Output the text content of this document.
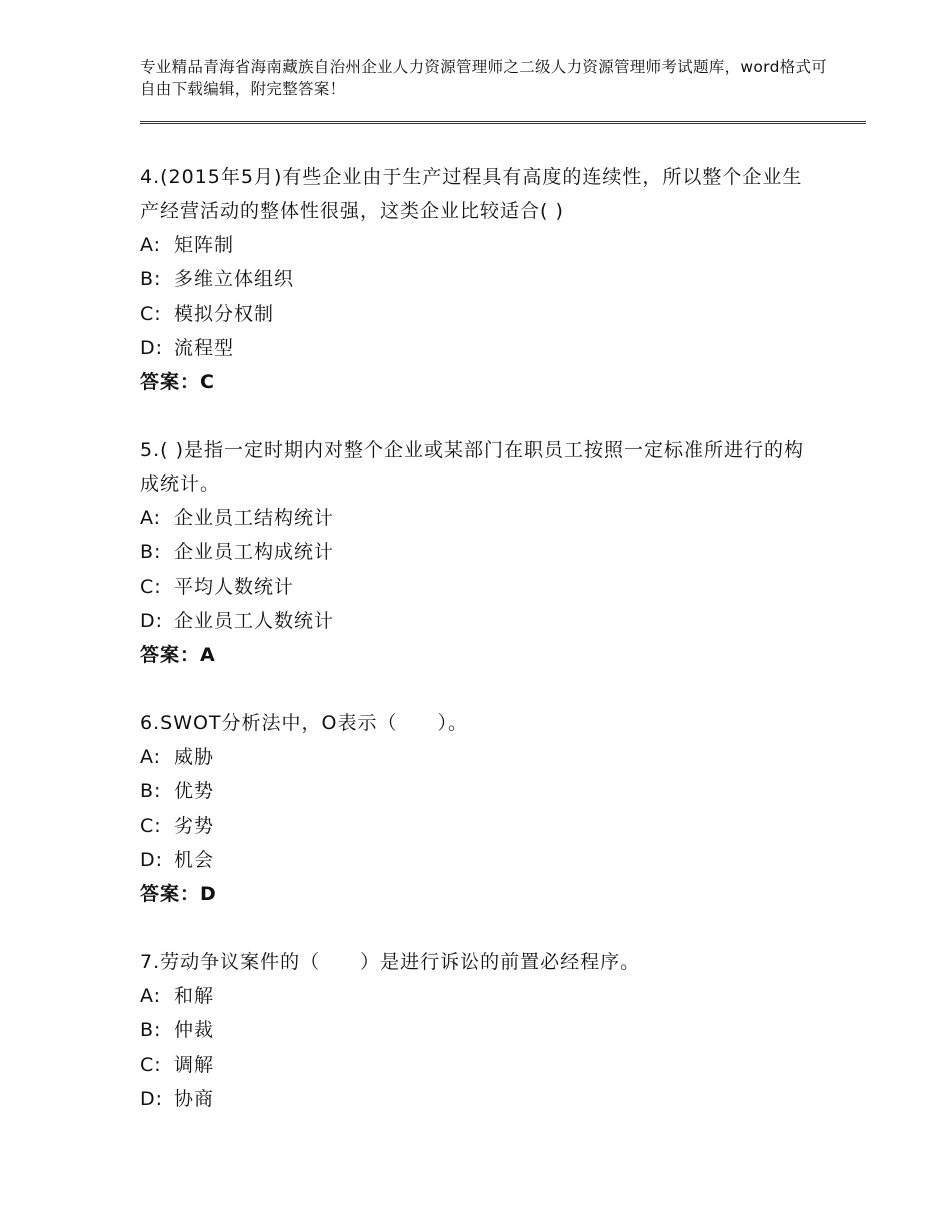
专业精品青海省海南藏族自治州企业人力资源管理师之二级人力资源管理师考试题库，word格式可自由下载编辑，附完整答案！
4.(2015年5月)有些企业由于生产过程具有高度的连续性，所以整个企业生产经营活动的整体性很强，这类企业比较适合( )
A: 矩阵制
B: 多维立体组织
C: 模拟分权制
D: 流程型
答案：C
5.( )是指一定时期内对整个企业或某部门在职员工按照一定标准所进行的构成统计。
A: 企业员工结构统计
B: 企业员工构成统计
C: 平均人数统计
D: 企业员工人数统计
答案：A
6.SWOT分析法中，O表示（　　）。
A: 威胁
B: 优势
C: 劣势
D: 机会
答案：D
7.劳动争议案件的（　　）是进行诉讼的前置必经程序。
A: 和解
B: 仲裁
C: 调解
D: 协商
